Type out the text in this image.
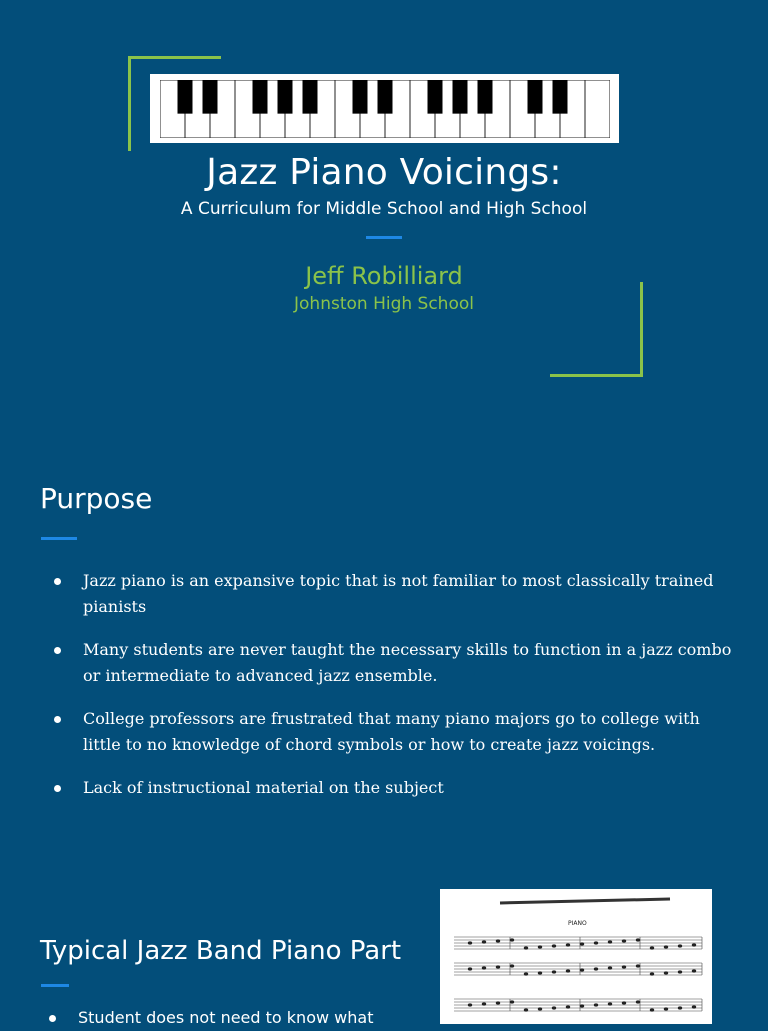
Jazz Piano Voicings:
A Curriculum for Middle School and High School
Jeff Robilliard
Johnston High School
Purpose
Jazz piano is an expansive topic that is not familiar to most classically trained pianists
Many students are never taught the necessary skills to function in a jazz combo or intermediate to advanced jazz ensemble.
College professors are frustrated that many piano majors go to college with little to no knowledge of chord symbols or how to create jazz voicings.
Lack of instructional material on the subject
Typical Jazz Band Piano Part
Student does not need to know what
PIANO
